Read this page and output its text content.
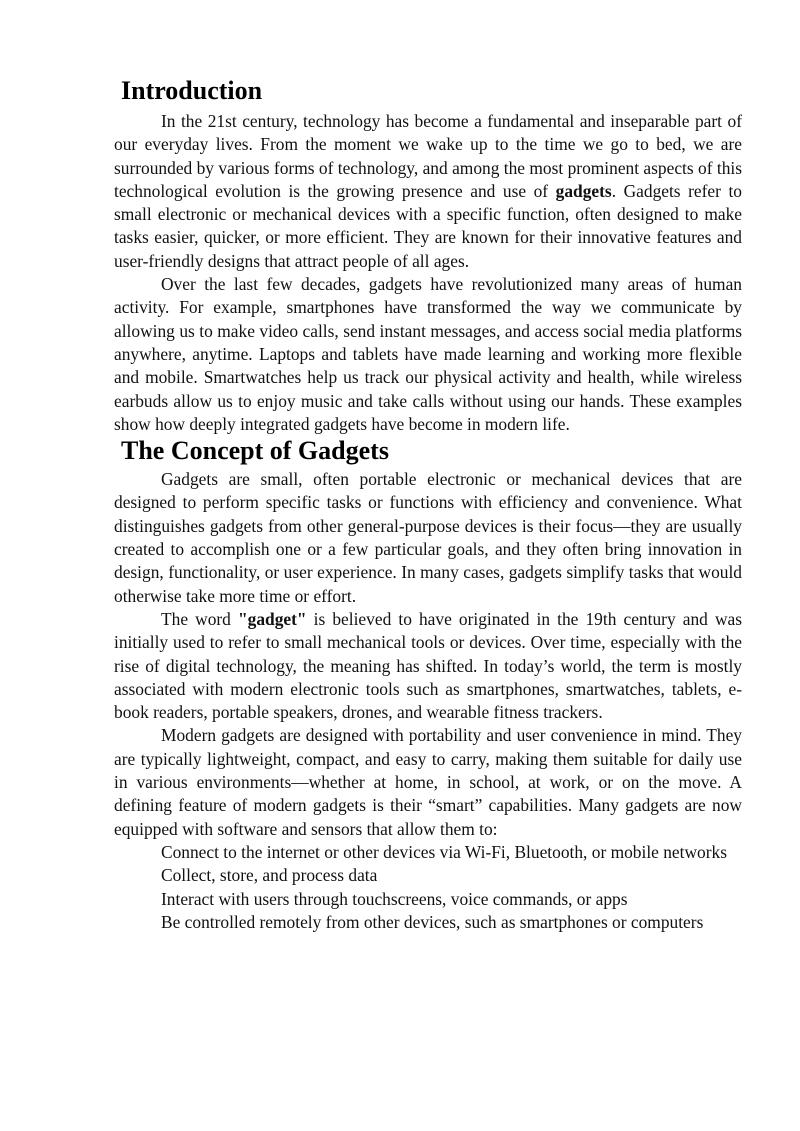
Introduction

In the 21st century, technology has become a fundamental and inseparable part of our everyday lives. From the moment we wake up to the time we go to bed, we are surrounded by various forms of technology, and among the most prominent aspects of this technological evolution is the growing presence and use of gadgets. Gadgets refer to small electronic or mechanical devices with a specific function, often designed to make tasks easier, quicker, or more efficient. They are known for their innovative features and user-friendly designs that attract people of all ages.

Over the last few decades, gadgets have revolutionized many areas of human activity. For example, smartphones have transformed the way we communicate by allowing us to make video calls, send instant messages, and access social media platforms anywhere, anytime. Laptops and tablets have made learning and working more flexible and mobile. Smartwatches help us track our physical activity and health, while wireless earbuds allow us to enjoy music and take calls without using our hands. These examples show how deeply integrated gadgets have become in modern life.

The Concept of Gadgets

Gadgets are small, often portable electronic or mechanical devices that are designed to perform specific tasks or functions with efficiency and convenience. What distinguishes gadgets from other general-purpose devices is their focus—they are usually created to accomplish one or a few particular goals, and they often bring innovation in design, functionality, or user experience. In many cases, gadgets simplify tasks that would otherwise take more time or effort.

The word "gadget" is believed to have originated in the 19th century and was initially used to refer to small mechanical tools or devices. Over time, especially with the rise of digital technology, the meaning has shifted. In today’s world, the term is mostly associated with modern electronic tools such as smartphones, smartwatches, tablets, e-book readers, portable speakers, drones, and wearable fitness trackers.

Modern gadgets are designed with portability and user convenience in mind. They are typically lightweight, compact, and easy to carry, making them suitable for daily use in various environments—whether at home, in school, at work, or on the move. A defining feature of modern gadgets is their “smart” capabilities. Many gadgets are now equipped with software and sensors that allow them to:

Connect to the internet or other devices via Wi-Fi, Bluetooth, or mobile networks

Collect, store, and process data

Interact with users through touchscreens, voice commands, or apps

Be controlled remotely from other devices, such as smartphones or computers
